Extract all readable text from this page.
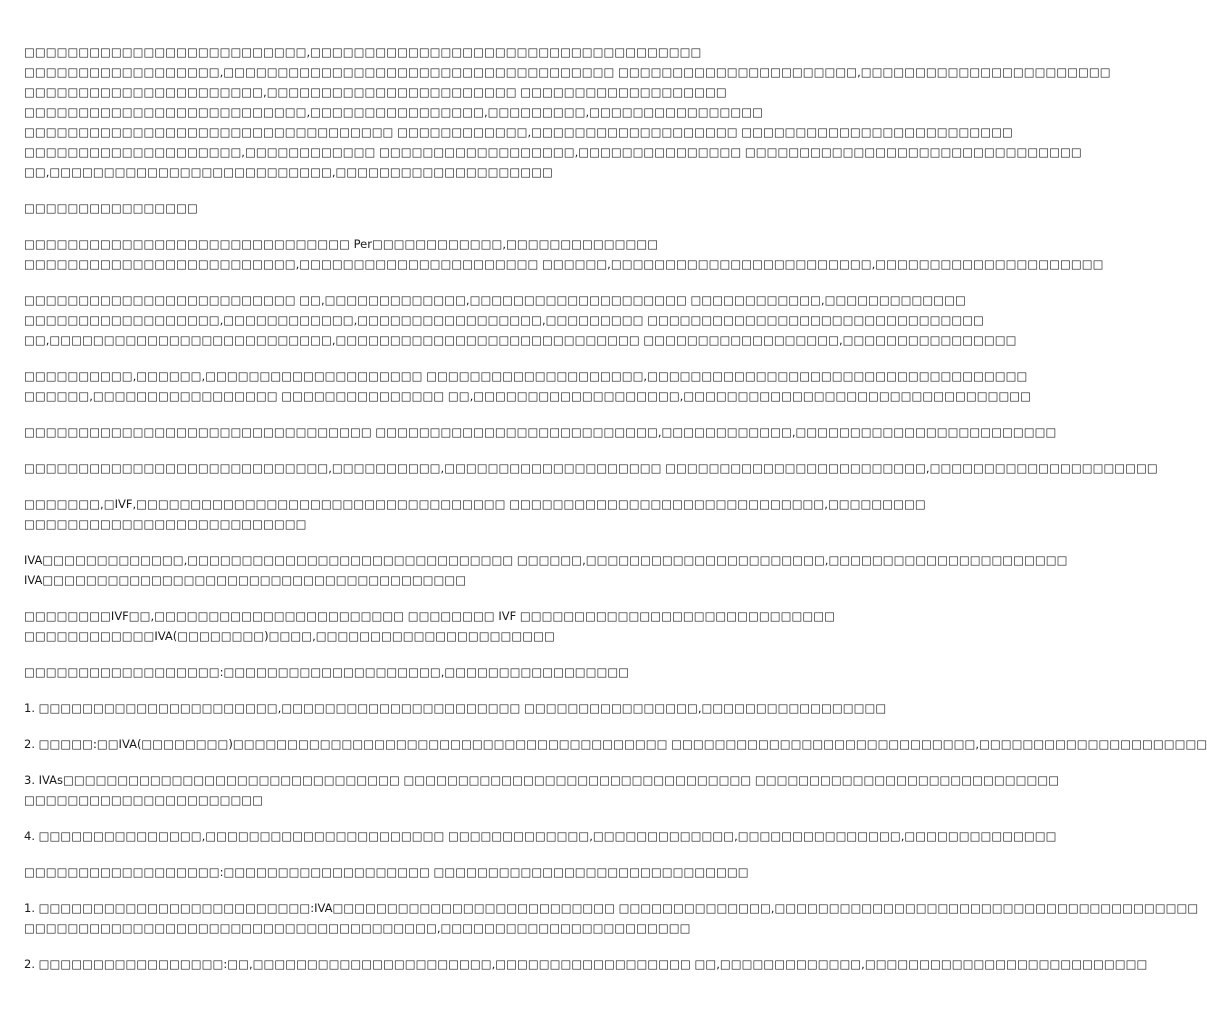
□□□□□□□□□□□□□□□□□□□□□□□□□□,□□□□□□□□□□□□□□□□□□□□□□□□□□□□□□□□□□□□
□□□□□□□□□□□□□□□□□□,□□□□□□□□□□□□□□□□□□□□□□□□□□□□□□□□□□□□ □□□□□□□□□□□□□□□□□□□□□□,□□□□□□□□□□□□□□□□□□□□□□□
□□□□□□□□□□□□□□□□□□□□□□,□□□□□□□□□□□□□□□□□□□□□□□ □□□□□□□□□□□□□□□□□□□
□□□□□□□□□□□□□□□□□□□□□□□□□□,□□□□□□□□□□□□□□□□,□□□□□□□□□,□□□□□□□□□□□□□□□□
□□□□□□□□□□□□□□□□□□□□□□□□□□□□□□□□□□ □□□□□□□□□□□□,□□□□□□□□□□□□□□□□□□□ □□□□□□□□□□□□□□□□□□□□□□□□□
□□□□□□□□□□□□□□□□□□□□,□□□□□□□□□□□□ □□□□□□□□□□□□□□□□□□,□□□□□□□□□□□□□□□ □□□□□□□□□□□□□□□□□□□□□□□□□□□□□□□
□□,□□□□□□□□□□□□□□□□□□□□□□□□□□,□□□□□□□□□□□□□□□□□□□□
□□□□□□□□□□□□□□□□
□□□□□□□□□□□□□□□□□□□□□□□□□□□□□□ Per□□□□□□□□□□□□,□□□□□□□□□□□□□□
□□□□□□□□□□□□□□□□□□□□□□□□□,□□□□□□□□□□□□□□□□□□□□□□ □□□□□□,□□□□□□□□□□□□□□□□□□□□□□□□,□□□□□□□□□□□□□□□□□□□□□
□□□□□□□□□□□□□□□□□□□□□□□□□ □□,□□□□□□□□□□□□□,□□□□□□□□□□□□□□□□□□□□ □□□□□□□□□□□□,□□□□□□□□□□□□□
□□□□□□□□□□□□□□□□□□,□□□□□□□□□□□□,□□□□□□□□□□□□□□□□□,□□□□□□□□□ □□□□□□□□□□□□□□□□□□□□□□□□□□□□□□□
□□,□□□□□□□□□□□□□□□□□□□□□□□□□□,□□□□□□□□□□□□□□□□□□□□□□□□□□□□ □□□□□□□□□□□□□□□□□□,□□□□□□□□□□□□□□□□
□□□□□□□□□□,□□□□□□,□□□□□□□□□□□□□□□□□□□□ □□□□□□□□□□□□□□□□□□□□,□□□□□□□□□□□□□□□□□□□□□□□□□□□□□□□□□□□
□□□□□□,□□□□□□□□□□□□□□□□□ □□□□□□□□□□□□□□□ □□,□□□□□□□□□□□□□□□□□□□,□□□□□□□□□□□□□□□□□□□□□□□□□□□□□□□□
□□□□□□□□□□□□□□□□□□□□□□□□□□□□□□□□ □□□□□□□□□□□□□□□□□□□□□□□□□□,□□□□□□□□□□□□,□□□□□□□□□□□□□□□□□□□□□□□□
□□□□□□□□□□□□□□□□□□□□□□□□□□□□,□□□□□□□□□□,□□□□□□□□□□□□□□□□□□□□ □□□□□□□□□□□□□□□□□□□□□□□□,□□□□□□□□□□□□□□□□□□□□□
□□□□□□□,□IVF,□□□□□□□□□□□□□□□□□□□□□□□□□□□□□□□□□□ □□□□□□□□□□□□□□□□□□□□□□□□□□□□□,□□□□□□□□□
□□□□□□□□□□□□□□□□□□□□□□□□□□
IVA□□□□□□□□□□□□□,□□□□□□□□□□□□□□□□□□□□□□□□□□□□□□ □□□□□□,□□□□□□□□□□□□□□□□□□□□□□,□□□□□□□□□□□□□□□□□□□□□□
IVA□□□□□□□□□□□□□□□□□□□□□□□□□□□□□□□□□□□□□□□
□□□□□□□□IVF□□,□□□□□□□□□□□□□□□□□□□□□□□ □□□□□□□□ IVF □□□□□□□□□□□□□□□□□□□□□□□□□□□□□
□□□□□□□□□□□□IVA(□□□□□□□□)□□□□,□□□□□□□□□□□□□□□□□□□□□□
□□□□□□□□□□□□□□□□□□:□□□□□□□□□□□□□□□□□□□□,□□□□□□□□□□□□□□□□□
1. □□□□□□□□□□□□□□□□□□□□□□,□□□□□□□□□□□□□□□□□□□□□□ □□□□□□□□□□□□□□□□,□□□□□□□□□□□□□□□□□
2. □□□□□:□□IVA(□□□□□□□□)□□□□□□□□□□□□□□□□□□□□□□□□□□□□□□□□□□□□□□□□ □□□□□□□□□□□□□□□□□□□□□□□□□□□□,□□□□□□□□□□□□□□□□□□□□□
3. IVAs□□□□□□□□□□□□□□□□□□□□□□□□□□□□□□□ □□□□□□□□□□□□□□□□□□□□□□□□□□□□□□□□ □□□□□□□□□□□□□□□□□□□□□□□□□□□□
□□□□□□□□□□□□□□□□□□□□□□
4. □□□□□□□□□□□□□□□,□□□□□□□□□□□□□□□□□□□□□□ □□□□□□□□□□□□□,□□□□□□□□□□□□□,□□□□□□□□□□□□□□□,□□□□□□□□□□□□□□
□□□□□□□□□□□□□□□□□□:□□□□□□□□□□□□□□□□□□□ □□□□□□□□□□□□□□□□□□□□□□□□□□□□□
1. □□□□□□□□□□□□□□□□□□□□□□□□□:IVA□□□□□□□□□□□□□□□□□□□□□□□□□□ □□□□□□□□□□□□□□,□□□□□□□□□□□□□□□□□□□□□□□□□□□□□□□□□□□□□□□
□□□□□□□□□□□□□□□□□□□□□□□□□□□□□□□□□□□□□□,□□□□□□□□□□□□□□□□□□□□□□□
2. □□□□□□□□□□□□□□□□□:□□,□□□□□□□□□□□□□□□□□□□□□□,□□□□□□□□□□□□□□□□□□ □□,□□□□□□□□□□□□□,□□□□□□□□□□□□□□□□□□□□□□□□□□
